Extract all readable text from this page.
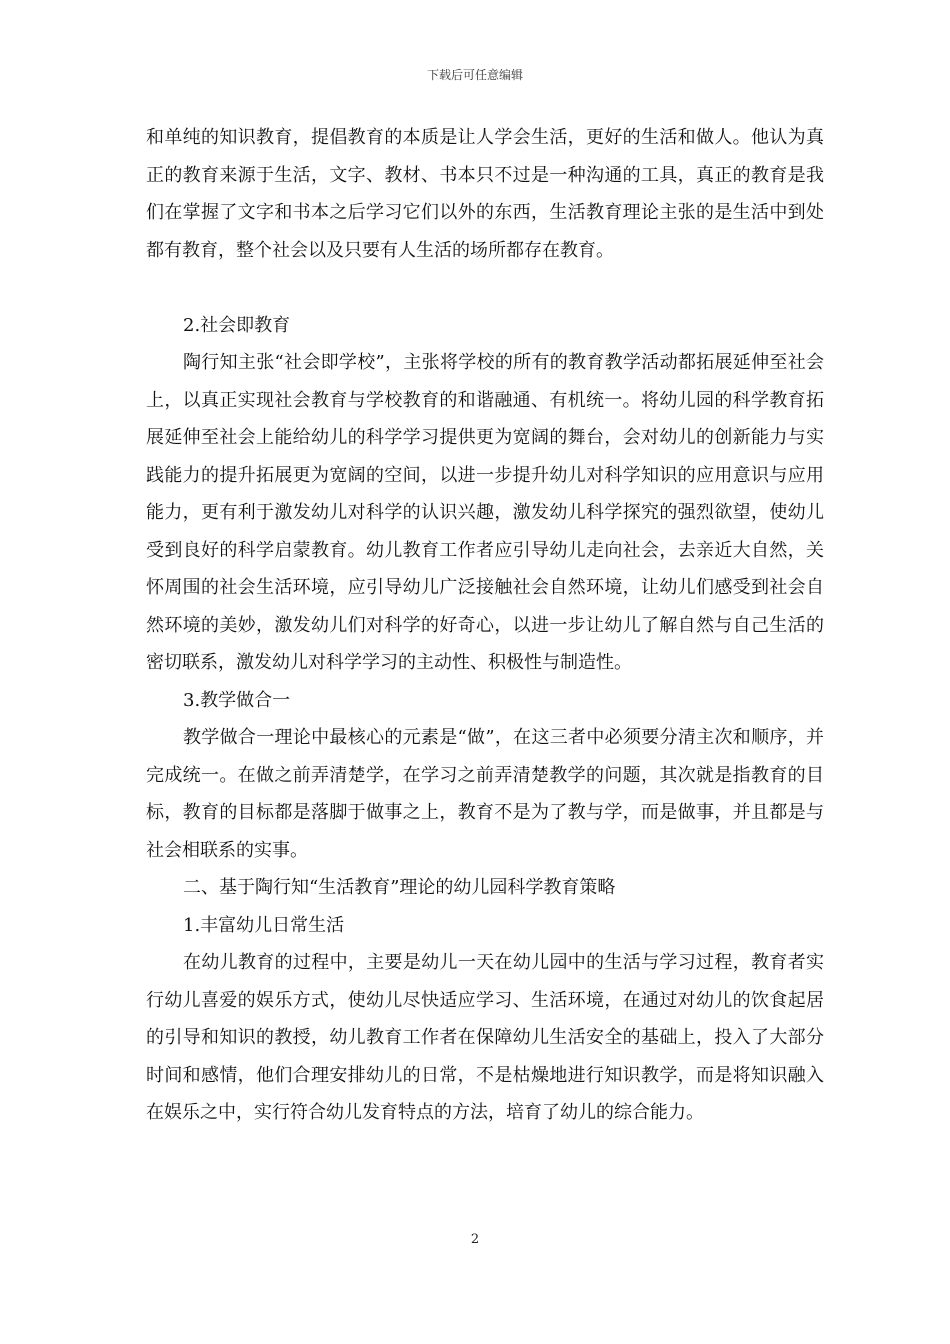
下载后可任意编辑

和单纯的知识教育，提倡教育的本质是让人学会生活，更好的生活和做人。他认为真正的教育来源于生活，文字、教材、书本只不过是一种沟通的工具，真正的教育是我们在掌握了文字和书本之后学习它们以外的东西，生活教育理论主张的是生活中到处都有教育，整个社会以及只要有人生活的场所都存在教育。

2.社会即教育

陶行知主张“社会即学校”，主张将学校的所有的教育教学活动都拓展延伸至社会上，以真正实现社会教育与学校教育的和谐融通、有机统一。将幼儿园的科学教育拓展延伸至社会上能给幼儿的科学学习提供更为宽阔的舞台，会对幼儿的创新能力与实践能力的提升拓展更为宽阔的空间，以进一步提升幼儿对科学知识的应用意识与应用能力，更有利于激发幼儿对科学的认识兴趣，激发幼儿科学探究的强烈欲望，使幼儿受到良好的科学启蒙教育。幼儿教育工作者应引导幼儿走向社会，去亲近大自然，关怀周围的社会生活环境，应引导幼儿广泛接触社会自然环境，让幼儿们感受到社会自然环境的美妙，激发幼儿们对科学的好奇心，以进一步让幼儿了解自然与自己生活的密切联系，激发幼儿对科学学习的主动性、积极性与制造性。

3.教学做合一

教学做合一理论中最核心的元素是“做”，在这三者中必须要分清主次和顺序，并完成统一。在做之前弄清楚学，在学习之前弄清楚教学的问题，其次就是指教育的目标，教育的目标都是落脚于做事之上，教育不是为了教与学，而是做事，并且都是与社会相联系的实事。

二、基于陶行知“生活教育”理论的幼儿园科学教育策略

1.丰富幼儿日常生活

在幼儿教育的过程中，主要是幼儿一天在幼儿园中的生活与学习过程，教育者实行幼儿喜爱的娱乐方式，使幼儿尽快适应学习、生活环境，在通过对幼儿的饮食起居的引导和知识的教授，幼儿教育工作者在保障幼儿生活安全的基础上，投入了大部分时间和感情，他们合理安排幼儿的日常，不是枯燥地进行知识教学，而是将知识融入在娱乐之中，实行符合幼儿发育特点的方法，培育了幼儿的综合能力。

2
